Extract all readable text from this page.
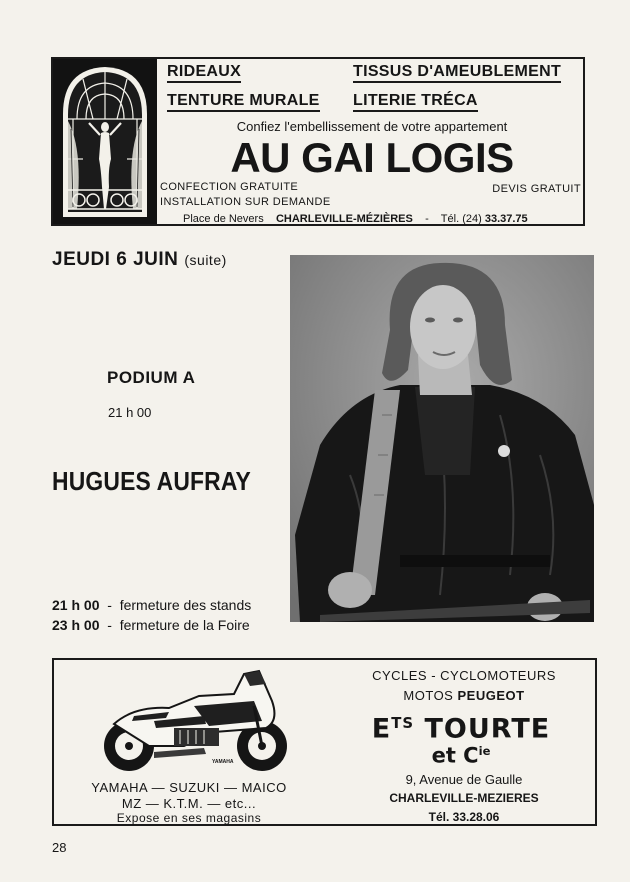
RIDEAUX	TISSUS D'AMEUBLEMENT
TENTURE MURALE LITERIE TRÉCA
Confiez l'embellissement de votre appartement
AU GAI LOGIS
CONFECTION GRATUITE
INSTALLATION SUR DEMANDE
DEVIS GRATUIT
Place de Nevers CHARLEVILLE-MÉZIÈRES - Tél. (24) 33.37.75
JEUDI 6 JUIN (suite)
PODIUM A
21 h 00
HUGUES AUFRAY
21 h 00 - fermeture des stands
23 h 00 - fermeture de la Foire
YAMAHA
YAMAHA — SUZUKI — MAICO
MZ — K.T.M. — etc...
Expose en ses magasins
CYCLES - CYCLOMOTEURS
MOTOS PEUGEOT
$E^{TS}$ TOURTE
et $C^{ie}$
9, Avenue de Gaulle
CHARLEVILLE-MEZIERES
Tél. 33.28.06
28
